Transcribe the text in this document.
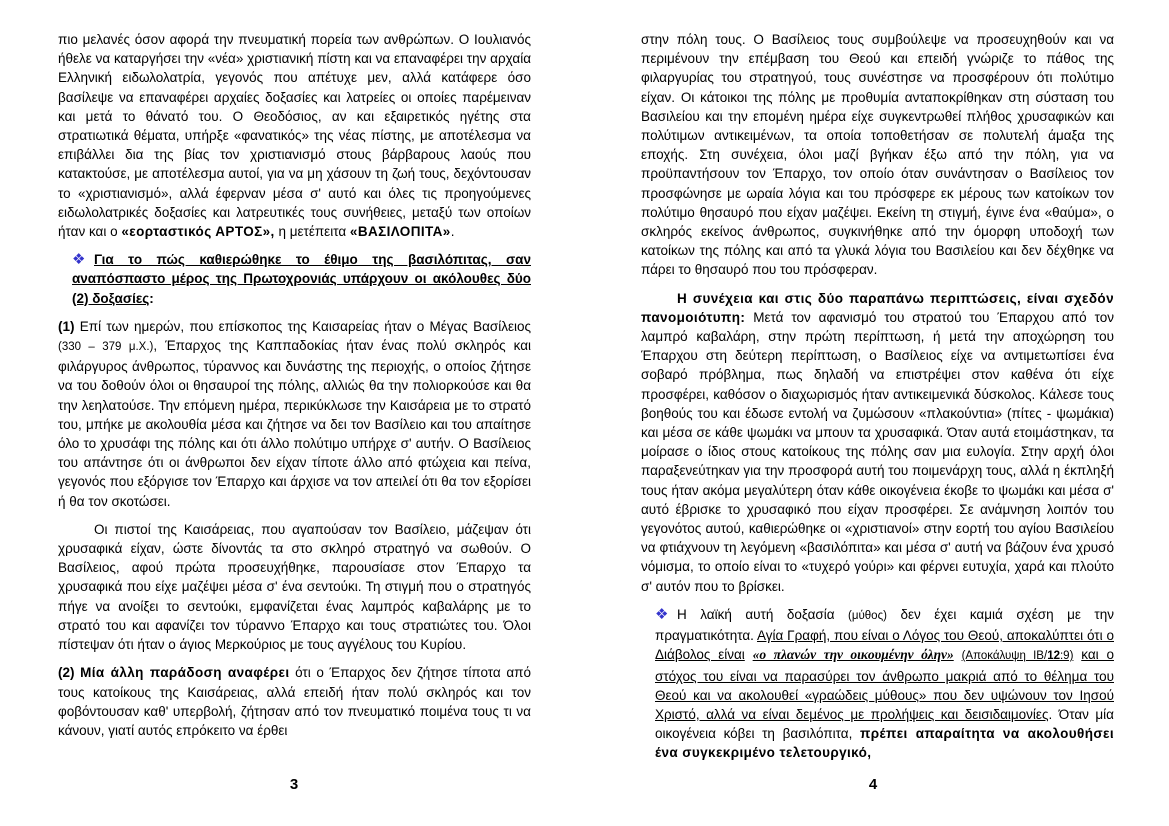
πιο μελανές όσον αφορά την πνευματική πορεία των ανθρώπων. Ο Ιουλιανός ήθελε να καταργήσει την «νέα» χριστιανική πίστη και να επαναφέρει την αρχαία Ελληνική ειδωλολατρία, γεγονός που απέτυχε μεν, αλλά κατάφερε όσο βασίλεψε να επαναφέρει αρχαίες δοξασίες και λατρείες οι οποίες παρέμειναν και μετά το θάνατό του. Ο Θεοδόσιος, αν και εξαιρετικός ηγέτης στα στρατιωτικά θέματα, υπήρξε «φανατικός» της νέας πίστης, με αποτέλεσμα να επιβάλλει δια της βίας τον χριστιανισμό στους βάρβαρους λαούς που κατακτούσε, με αποτέλεσμα αυτοί, για να μη χάσουν τη ζωή τους, δεχόντουσαν το «χριστιανισμό», αλλά έφερναν μέσα σ' αυτό και όλες τις προηγούμενες ειδωλολατρικές δοξασίες και λατρευτικές τους συνήθειες, μεταξύ των οποίων ήταν και ο «εορταστικός ΑΡΤΟΣ», η μετέπειτα «ΒΑΣΙΛΟΠΙΤΑ».

❖ Για το πώς καθιερώθηκε το έθιμο της βασιλόπιτας, σαν αναπόσπαστο μέρος της Πρωτοχρονιάς υπάρχουν οι ακόλουθες δύο (2) δοξασίες:

(1) Επί των ημερών, που επίσκοπος της Καισαρείας ήταν ο Μέγας Βασίλειος (330 – 379 μ.Χ.), Έπαρχος της Καππαδοκίας ήταν ένας πολύ σκληρός και φιλάργυρος άνθρωπος, τύραννος και δυνάστης της περιοχής, ο οποίος ζήτησε να του δοθούν όλοι οι θησαυροί της πόλης, αλλιώς θα την πολιορκούσε και θα την λεηλατούσε. Την επόμενη ημέρα, περικύκλωσε την Καισάρεια με το στρατό του, μπήκε με ακολουθία μέσα και ζήτησε να δει τον Βασίλειο και του απαίτησε όλο το χρυσάφι της πόλης και ότι άλλο πολύτιμο υπήρχε σ' αυτήν. Ο Βασίλειος του απάντησε ότι οι άνθρωποι δεν είχαν τίποτε άλλο από φτώχεια και πείνα, γεγονός που εξόργισε τον Έπαρχο και άρχισε να τον απειλεί ότι θα τον εξορίσει ή θα τον σκοτώσει.

Οι πιστοί της Καισάρειας, που αγαπούσαν τον Βασίλειο, μάζεψαν ότι χρυσαφικά είχαν, ώστε δίνοντάς τα στο σκληρό στρατηγό να σωθούν. Ο Βασίλειος, αφού πρώτα προσευχήθηκε, παρουσίασε στον Έπαρχο τα χρυσαφικά που είχε μαζέψει μέσα σ' ένα σεντούκι. Τη στιγμή που ο στρατηγός πήγε να ανοίξει το σεντούκι, εμφανίζεται ένας λαμπρός καβαλάρης με το στρατό του και αφανίζει τον τύραννο Έπαρχο και τους στρατιώτες του. Όλοι πίστεψαν ότι ήταν ο άγιος Μερκούριος με τους αγγέλους του Κυρίου.

(2) Μία άλλη παράδοση αναφέρει ότι ο Έπαρχος δεν ζήτησε τίποτα από τους κατοίκους της Καισάρειας, αλλά επειδή ήταν πολύ σκληρός και τον φοβόντουσαν καθ' υπερβολή, ζήτησαν από τον πνευματικό ποιμένα τους τι να κάνουν, γιατί αυτός επρόκειτο να έρθει

3

στην πόλη τους. Ο Βασίλειος τους συμβούλεψε να προσευχηθούν και να περιμένουν την επέμβαση του Θεού και επειδή γνώριζε το πάθος της φιλαργυρίας του στρατηγού, τους συνέστησε να προσφέρουν ότι πολύτιμο είχαν. Οι κάτοικοι της πόλης με προθυμία ανταποκρίθηκαν στη σύσταση του Βασιλείου και την επομένη ημέρα είχε συγκεντρωθεί πλήθος χρυσαφικών και πολύτιμων αντικειμένων, τα οποία τοποθετήσαν σε πολυτελή άμαξα της εποχής. Στη συνέχεια, όλοι μαζί βγήκαν έξω από την πόλη, για να προϋπαντήσουν τον Έπαρχο, τον οποίο όταν συνάντησαν ο Βασίλειος τον προσφώνησε με ωραία λόγια και του πρόσφερε εκ μέρους των κατοίκων τον πολύτιμο θησαυρό που είχαν μαζέψει. Εκείνη τη στιγμή, έγινε ένα «θαύμα», ο σκληρός εκείνος άνθρωπος, συγκινήθηκε από την όμορφη υποδοχή των κατοίκων της πόλης και από τα γλυκά λόγια του Βασιλείου και δεν δέχθηκε να πάρει το θησαυρό που του πρόσφεραν.

Η συνέχεια και στις δύο παραπάνω περιπτώσεις, είναι σχεδόν πανομοιότυπη: Μετά τον αφανισμό του στρατού του Έπαρχου από τον λαμπρό καβαλάρη, στην πρώτη περίπτωση, ή μετά την αποχώρηση του Έπαρχου στη δεύτερη περίπτωση, ο Βασίλειος είχε να αντιμετωπίσει ένα σοβαρό πρόβλημα, πως δηλαδή να επιστρέψει στον καθένα ότι είχε προσφέρει, καθόσον ο διαχωρισμός ήταν αντικειμενικά δύσκολος. Κάλεσε τους βοηθούς του και έδωσε εντολή να ζυμώσουν «πλακούντια» (πίτες - ψωμάκια) και μέσα σε κάθε ψωμάκι να μπουν τα χρυσαφικά. Όταν αυτά ετοιμάστηκαν, τα μοίρασε ο ίδιος στους κατοίκους της πόλης σαν μια ευλογία. Στην αρχή όλοι παραξενεύτηκαν για την προσφορά αυτή του ποιμενάρχη τους, αλλά η έκπληξή τους ήταν ακόμα μεγαλύτερη όταν κάθε οικογένεια έκοβε το ψωμάκι και μέσα σ' αυτό έβρισκε το χρυσαφικό που είχαν προσφέρει. Σε ανάμνηση λοιπόν του γεγονότος αυτού, καθιερώθηκε οι «χριστιανοί» στην εορτή του αγίου Βασιλείου να φτιάχνουν τη λεγόμενη «βασιλόπιτα» και μέσα σ' αυτή να βάζουν ένα χρυσό νόμισμα, το οποίο είναι το «τυχερό γούρι» και φέρνει ευτυχία, χαρά και πλούτο σ' αυτόν που το βρίσκει.

❖ Η λαϊκή αυτή δοξασία (μύθος) δεν έχει καμιά σχέση με την πραγματικότητα. Αγία Γραφή, που είναι ο Λόγος του Θεού, αποκαλύπτει ότι ο Διάβολος είναι «ο πλανών την οικουμένην όλην» (Αποκάλυψη ΙΒ/12:9) και ο στόχος του είναι να παρασύρει τον άνθρωπο μακριά από το θέλημα του Θεού και να ακολουθεί «γραώδεις μύθους» που δεν υψώνουν τον Ιησού Χριστό, αλλά να είναι δεμένος με προλήψεις και δεισιδαιμονίες. Όταν μία οικογένεια κόβει τη βασιλόπιτα, πρέπει απαραίτητα να ακολουθήσει ένα συγκεκριμένο τελετουργικό,

4
